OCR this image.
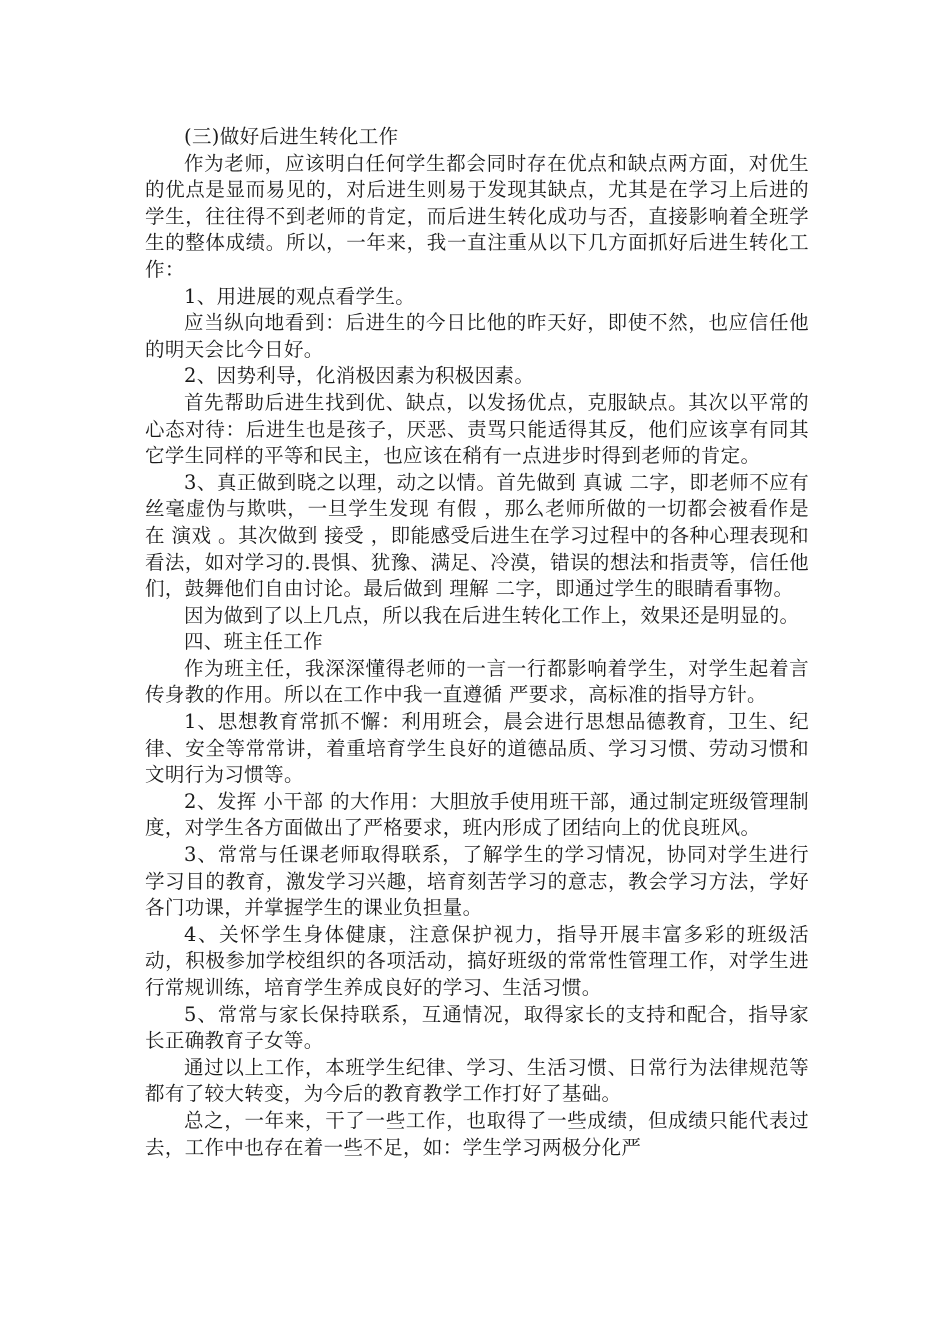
(三)做好后进生转化工作

作为老师，应该明白任何学生都会同时存在优点和缺点两方面，对优生的优点是显而易见的，对后进生则易于发现其缺点，尤其是在学习上后进的学生，往往得不到老师的肯定，而后进生转化成功与否，直接影响着全班学生的整体成绩。所以，一年来，我一直注重从以下几方面抓好后进生转化工作：

1、用进展的观点看学生。

应当纵向地看到：后进生的今日比他的昨天好，即使不然，也应信任他的明天会比今日好。

2、因势利导，化消极因素为积极因素。

首先帮助后进生找到优、缺点，以发扬优点，克服缺点。其次以平常的心态对待：后进生也是孩子，厌恶、责骂只能适得其反，他们应该享有同其它学生同样的平等和民主，也应该在稍有一点进步时得到老师的肯定。

3、真正做到晓之以理，动之以情。首先做到 真诚 二字，即老师不应有丝毫虚伪与欺哄，一旦学生发现 有假 ，那么老师所做的一切都会被看作是在 演戏 。其次做到 接受 ，即能感受后进生在学习过程中的各种心理表现和看法，如对学习的.畏惧、犹豫、满足、冷漠，错误的想法和指责等，信任他们，鼓舞他们自由讨论。最后做到 理解 二字，即通过学生的眼睛看事物。

因为做到了以上几点，所以我在后进生转化工作上，效果还是明显的。

四、班主任工作

作为班主任，我深深懂得老师的一言一行都影响着学生，对学生起着言传身教的作用。所以在工作中我一直遵循 严要求，高标准的指导方针。

1、思想教育常抓不懈：利用班会，晨会进行思想品德教育，卫生、纪律、安全等常常讲，着重培育学生良好的道德品质、学习习惯、劳动习惯和文明行为习惯等。

2、发挥 小干部 的大作用：大胆放手使用班干部，通过制定班级管理制度，对学生各方面做出了严格要求，班内形成了团结向上的优良班风。

3、常常与任课老师取得联系，了解学生的学习情况，协同对学生进行学习目的教育，激发学习兴趣，培育刻苦学习的意志，教会学习方法，学好各门功课，并掌握学生的课业负担量。

4、关怀学生身体健康，注意保护视力，指导开展丰富多彩的班级活动，积极参加学校组织的各项活动，搞好班级的常常性管理工作，对学生进行常规训练，培育学生养成良好的学习、生活习惯。

5、常常与家长保持联系，互通情况，取得家长的支持和配合，指导家长正确教育子女等。

通过以上工作，本班学生纪律、学习、生活习惯、日常行为法律规范等都有了较大转变，为今后的教育教学工作打好了基础。

总之，一年来，干了一些工作，也取得了一些成绩，但成绩只能代表过去，工作中也存在着一些不足，如：学生学习两极分化严
